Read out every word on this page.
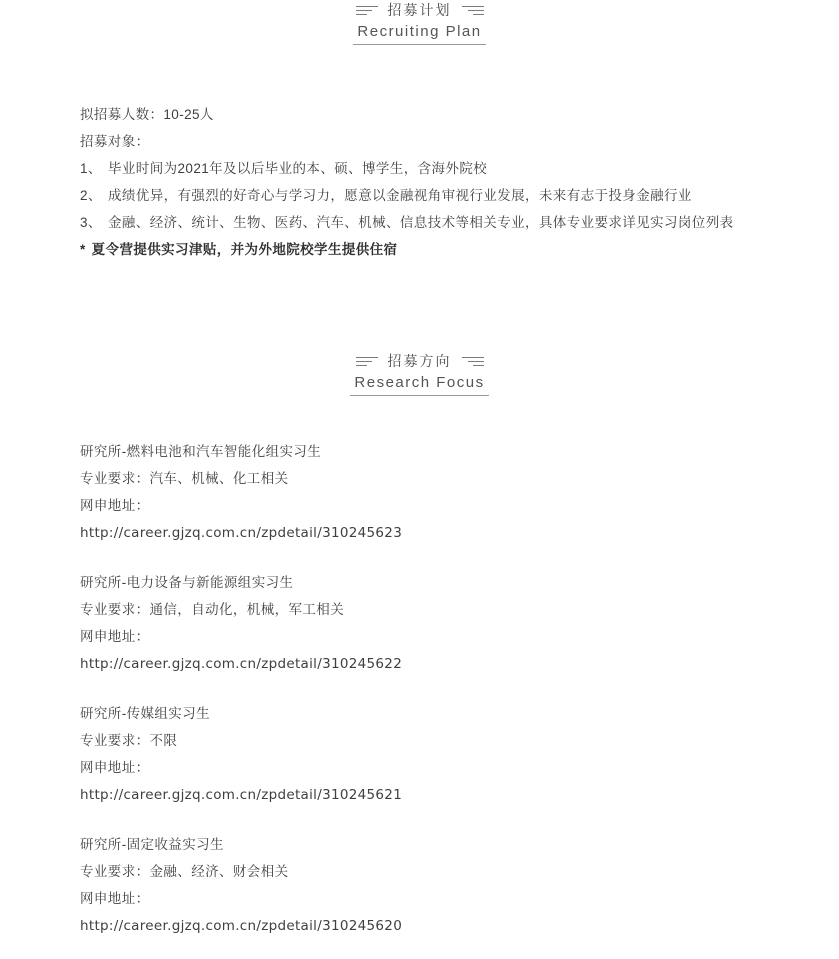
招募计划
Recruiting Plan
拟招募人数：10-25人
招募对象：
1、 毕业时间为2021年及以后毕业的本、硕、博学生，含海外院校
2、 成绩优异，有强烈的好奇心与学习力，愿意以金融视角审视行业发展，未来有志于投身金融行业
3、 金融、经济、统计、生物、医药、汽车、机械、信息技术等相关专业，具体专业要求详见实习岗位列表
* 夏令营提供实习津贴，并为外地院校学生提供住宿
招募方向
Research Focus
研究所-燃料电池和汽车智能化组实习生
专业要求：汽车、机械、化工相关
网申地址：
http://career.gjzq.com.cn/zpdetail/310245623
研究所-电力设备与新能源组实习生
专业要求：通信，自动化，机械，军工相关
网申地址：
http://career.gjzq.com.cn/zpdetail/310245622
研究所-传媒组实习生
专业要求：不限
网申地址：
http://career.gjzq.com.cn/zpdetail/310245621
研究所-固定收益实习生
专业要求：金融、经济、财会相关
网申地址：
http://career.gjzq.com.cn/zpdetail/310245620
